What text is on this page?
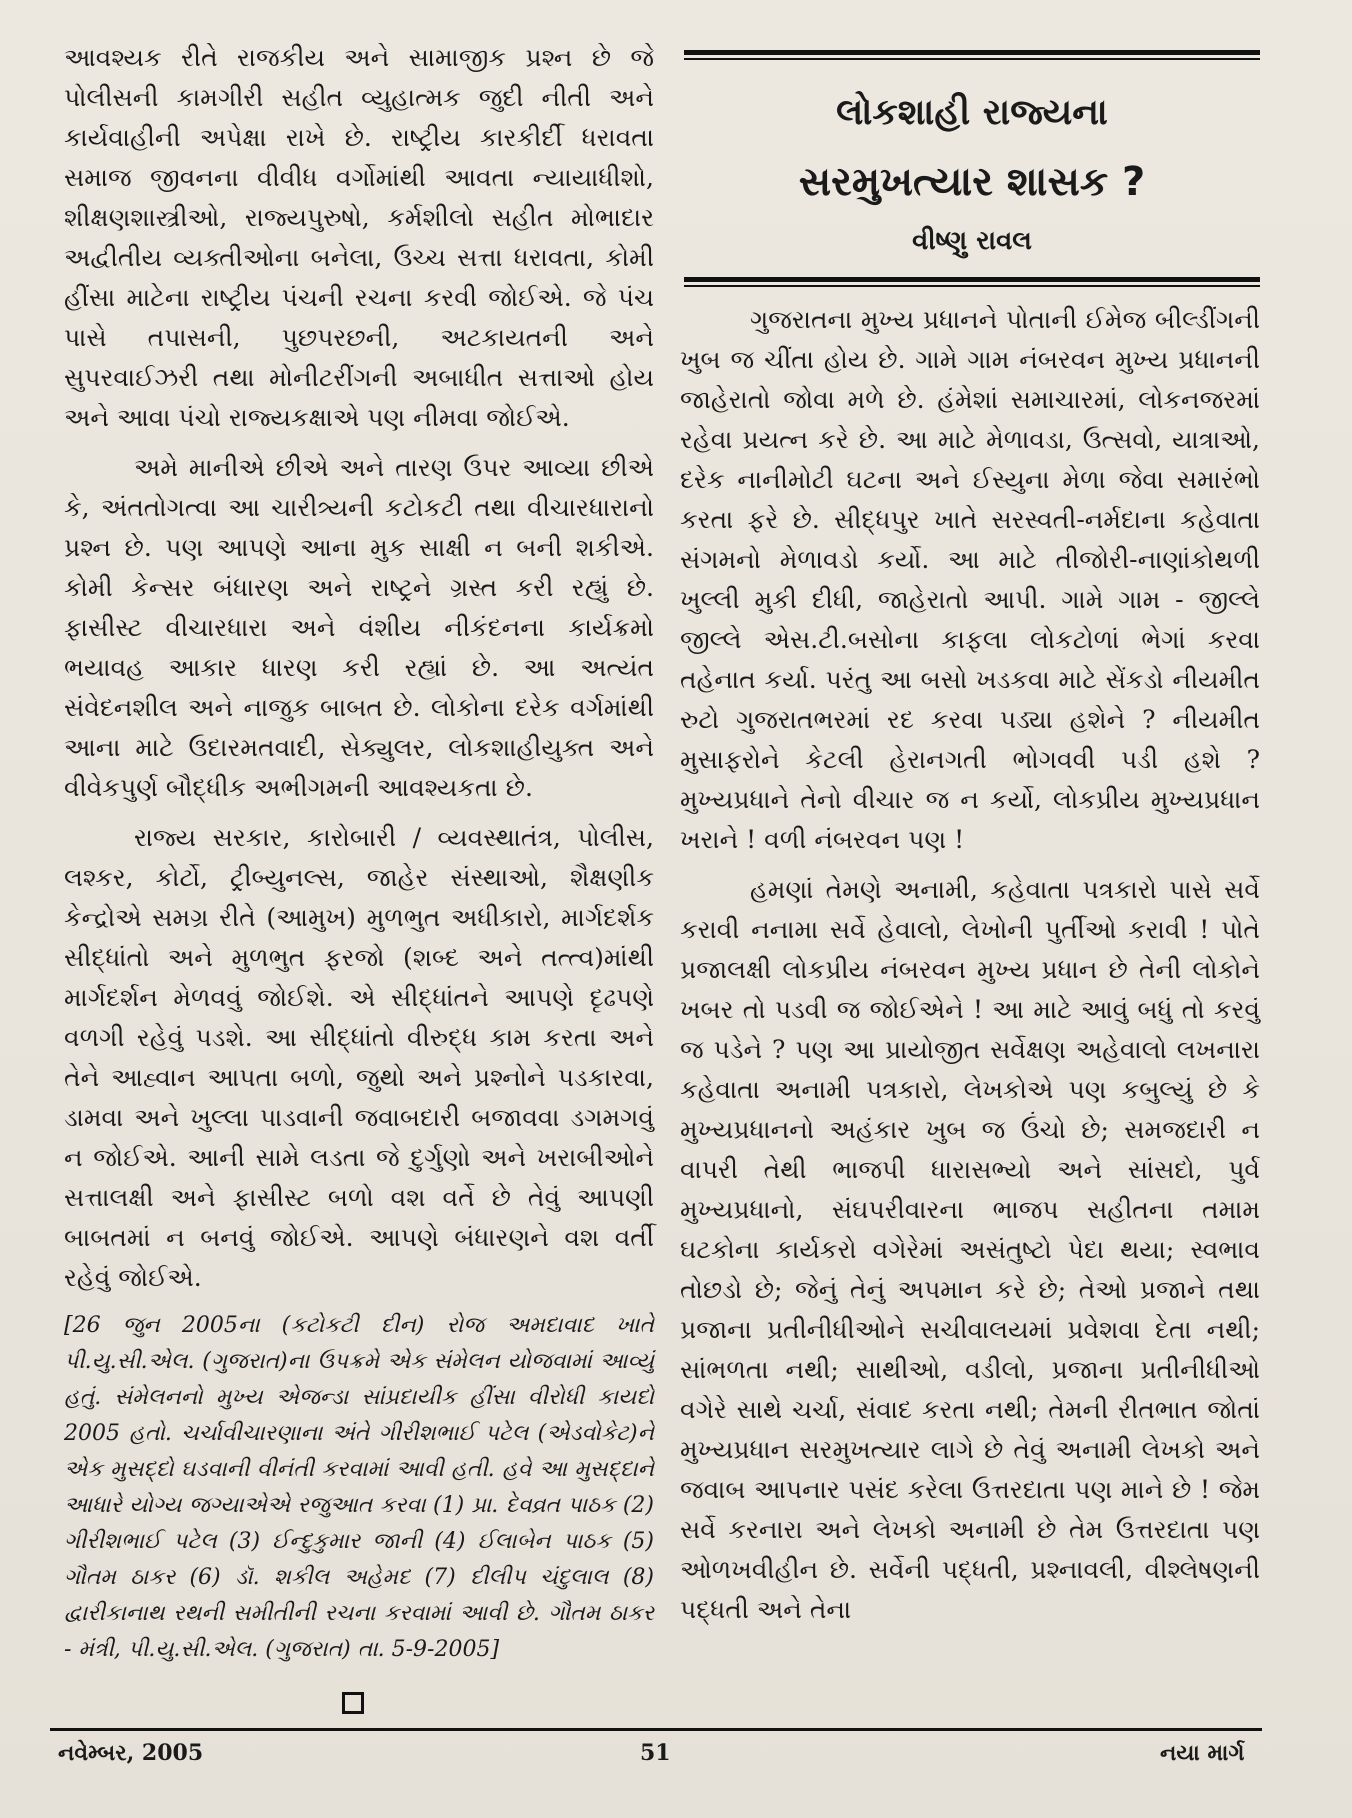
આવશ્યક રીતે રાજકીય અને સામાજીક પ્રશ્ન છે જે પોલીસની કામગીરી સહીત વ્યુહાત્મક જુદી નીતી અને કાર્યવાહીની અપેક્ષા રાખે છે. રાષ્ટ્રીય કારકીર્દી ધરાવતા સમાજ જીવનના વીવીધ વર્ગોમાંથી આવતા ન્યાયાધીશો, શીક્ષણશાસ્ત્રીઓ, રાજ્યપુરુષો, કર્મશીલો સહીત મોભાદાર અદ્વીતીય વ્યક્તીઓના બનેલા, ઉચ્ચ સત્તા ધરાવતા, કોમી હીંસા માટેના રાષ્ટ્રીય પંચની રચના કરવી જોઈએ. જે પંચ પાસે તપાસની, પુછપરછની, અટકાયતની અને સુપરવાઈઝરી તથા મોનીટરીંગની અબાધીત સત્તાઓ હોય અને આવા પંચો રાજ્યકક્ષાએ પણ નીમવા જોઈએ.

અમે માનીએ છીએ અને તારણ ઉપર આવ્યા છીએ કે, અંતતોગત્વા આ ચારીત્ર્યની કટોકટી તથા વીચારધારાનો પ્રશ્ન છે. પણ આપણે આના મુક સાક્ષી ન બની શકીએ. કોમી કેન્સર બંધારણ અને રાષ્ટ્રને ગ્રસ્ત કરી રહ્યું છે. ફાસીસ્ટ વીચારધારા અને વંશીય નીકંદનના કાર્યક્રમો ભયાવહ આકાર ધારણ કરી રહ્યાં છે. આ અત્યંત સંવેદનશીલ અને નાજુક બાબત છે. લોકોના દરેક વર્ગમાંથી આના માટે ઉદારમતવાદી, સેક્યુલર, લોકશાહીયુક્ત અને વીવેકપુર્ણ બૌદ્ધીક અભીગમની આવશ્યકતા છે.

રાજ્ય સરકાર, કારોબારી / વ્યવસ્થાતંત્ર, પોલીસ, લશ્કર, કોર્ટો, ટ્રીબ્યુનલ્સ, જાહેર સંસ્થાઓ, શૈક્ષણીક કેન્દ્રોએ સમગ્ર રીતે (આમુખ) મુળભુત અધીકારો, માર્ગદર્શક સીદ્ધાંતો અને મુળભુત ફરજો (શબ્દ અને તત્ત્વ)માંથી માર્ગદર્શન મેળવવું જોઈશે. એ સીદ્ધાંતને આપણે દૃઢપણે વળગી રહેવું પડશે. આ સીદ્ધાંતો વીરુદ્ધ કામ કરતા અને તેને આહ્વાન આપતા બળો, જુથો અને પ્રશ્નોને પડકારવા, ડામવા અને ખુલ્લા પાડવાની જવાબદારી બજાવવા ડગમગવું ન જોઈએ. આની સામે લડતા જે દુર્ગુણો અને ખરાબીઓને સત્તાલક્ષી અને ફાસીસ્ટ બળો વશ વર્તે છે તેવું આપણી બાબતમાં ન બનવું જોઈએ. આપણે બંધારણને વશ વર્તી રહેવું જોઈએ.

[26 જુન 2005ના (કટોકટી દીન) રોજ અમદાવાદ ખાતે પી.યુ.સી.એલ. (ગુજરાત)ના ઉપક્રમે એક સંમેલન યોજવામાં આવ્યું હતું. સંમેલનનો મુખ્ય એજન્ડા સાંપ્રદાયીક હીંસા વીરોધી કાયદો 2005 હતો. ચર્ચાવીચારણાના અંતે ગીરીશભાઈ પટેલ (એડવોકેટ)ને એક મુસદ્દો ઘડવાની વીનંતી કરવામાં આવી હતી. હવે આ મુસદ્દાને આધારે યોગ્ય જગ્યાએએ રજુઆત કરવા (1) પ્રા. દેવવ્રત પાઠક (2) ગીરીશભાઈ પટેલ (3) ઈન્દુકુમાર જાની (4) ઈલાબેન પાઠક (5) ગૌતમ ઠાકર (6) ડૉ. શકીલ અહેમદ (7) દીલીપ ચંદુલાલ (8) દ્વારીકાનાથ રથની સમીતીની રચના કરવામાં આવી છે. ગૌતમ ઠાકર - મંત્રી, પી.યુ.સી.એલ. (ગુજરાત) તા. 5-9-2005]

લોકશાહી રાજ્યના
સરમુખત્યાર શાસક ?
વીષ્ણુ રાવલ

ગુજરાતના મુખ્ય પ્રધાનને પોતાની ઈમેજ બીલ્ડીંગની ખુબ જ ચીંતા હોય છે. ગામે ગામ નંબરવન મુખ્ય પ્રધાનની જાહેરાતો જોવા મળે છે. હંમેશાં સમાચારમાં, લોકનજરમાં રહેવા પ્રયત્ન કરે છે. આ માટે મેળાવડા, ઉત્સવો, યાત્રાઓ, દરેક નાનીમોટી ઘટના અને ઈસ્યુના મેળા જેવા સમારંભો કરતા ફરે છે. સીદ્ધપુર ખાતે સરસ્વતી-નર્મદાના કહેવાતા સંગમનો મેળાવડો કર્યો. આ માટે તીજોરી-નાણાંકોથળી ખુલ્લી મુકી દીધી, જાહેરાતો આપી. ગામે ગામ - જીલ્લે જીલ્લે એસ.ટી.બસોના કાફલા લોકટોળાં ભેગાં કરવા તહેનાત કર્યા. પરંતુ આ બસો ખડકવા માટે સેંકડો નીયમીત રુટો ગુજરાતભરમાં રદ કરવા પડ્યા હશેને ? નીયમીત મુસાફરોને કેટલી હેરાનગતી ભોગવવી પડી હશે ? મુખ્યપ્રધાને તેનો વીચાર જ ન કર્યો, લોકપ્રીય મુખ્યપ્રધાન ખરાને ! વળી નંબરવન પણ !

હમણાં તેમણે અનામી, કહેવાતા પત્રકારો પાસે સર્વે કરાવી નનામા સર્વે હેવાલો, લેખોની પુર્તીઓ કરાવી ! પોતે પ્રજાલક્ષી લોકપ્રીય નંબરવન મુખ્ય પ્રધાન છે તેની લોકોને ખબર તો પડવી જ જોઈએને ! આ માટે આવું બધું તો કરવું જ પડેને ? પણ આ પ્રાયોજીત સર્વેક્ષણ અહેવાલો લખનારા કહેવાતા અનામી પત્રકારો, લેખકોએ પણ કબુલ્યું છે કે મુખ્યપ્રધાનનો અહંકાર ખુબ જ ઉંચો છે; સમજદારી ન વાપરી તેથી ભાજપી ધારાસભ્યો અને સાંસદો, પુર્વ મુખ્યપ્રધાનો, સંઘપરીવારના ભાજપ સહીતના તમામ ઘટકોના કાર્યકરો વગેરેમાં અસંતુષ્ટો પેદા થયા; સ્વભાવ તોછડો છે; જેનું તેનું અપમાન કરે છે; તેઓ પ્રજાને તથા પ્રજાના પ્રતીનીધીઓને સચીવાલયમાં પ્રવેશવા દેતા નથી; સાંભળતા નથી; સાથીઓ, વડીલો, પ્રજાના પ્રતીનીધીઓ વગેરે સાથે ચર્ચા, સંવાદ કરતા નથી; તેમની રીતભાત જોતાં મુખ્યપ્રધાન સરમુખત્યાર લાગે છે તેવું અનામી લેખકો અને જવાબ આપનાર પસંદ કરેલા ઉત્તરદાતા પણ માને છે ! જેમ સર્વે કરનારા અને લેખકો અનામી છે તેમ ઉત્તરદાતા પણ ઓળખવીહીન છે. સર્વેની પદ્ધતી, પ્રશ્નાવલી, વીશ્લેષણની પદ્ધતી અને તેના

નવેમ્બર, 2005	51	નયા માર્ગ
